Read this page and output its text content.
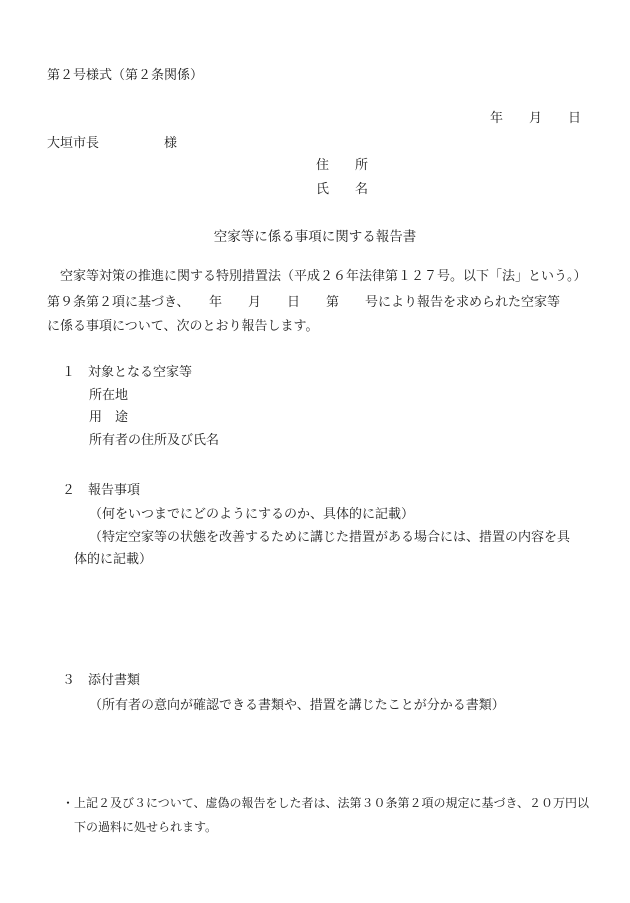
第２号様式（第２条関係）
年　　月　　日
大垣市長　　　　　様
住　　所
氏　　名
空家等に係る事項に関する報告書
　空家等対策の推進に関する特別措置法（平成２６年法律第１２７号。以下「法」という。）
第９条第２項に基づき、　　年　　月　　日　　第　　号により報告を求められた空家等
に係る事項について、次のとおり報告します。
１　対象となる空家等
所在地
用　途
所有者の住所及び氏名
２　報告事項
（何をいつまでにどのようにするのか、具体的に記載）
（特定空家等の状態を改善するために講じた措置がある場合には、措置の内容を具
体的に記載）
３　添付書類
（所有者の意向が確認できる書類や、措置を講じたことが分かる書類）
・上記２及び３について、虚偽の報告をした者は、法第３０条第２項の規定に基づき、２０万円以
下の過料に処せられます。
